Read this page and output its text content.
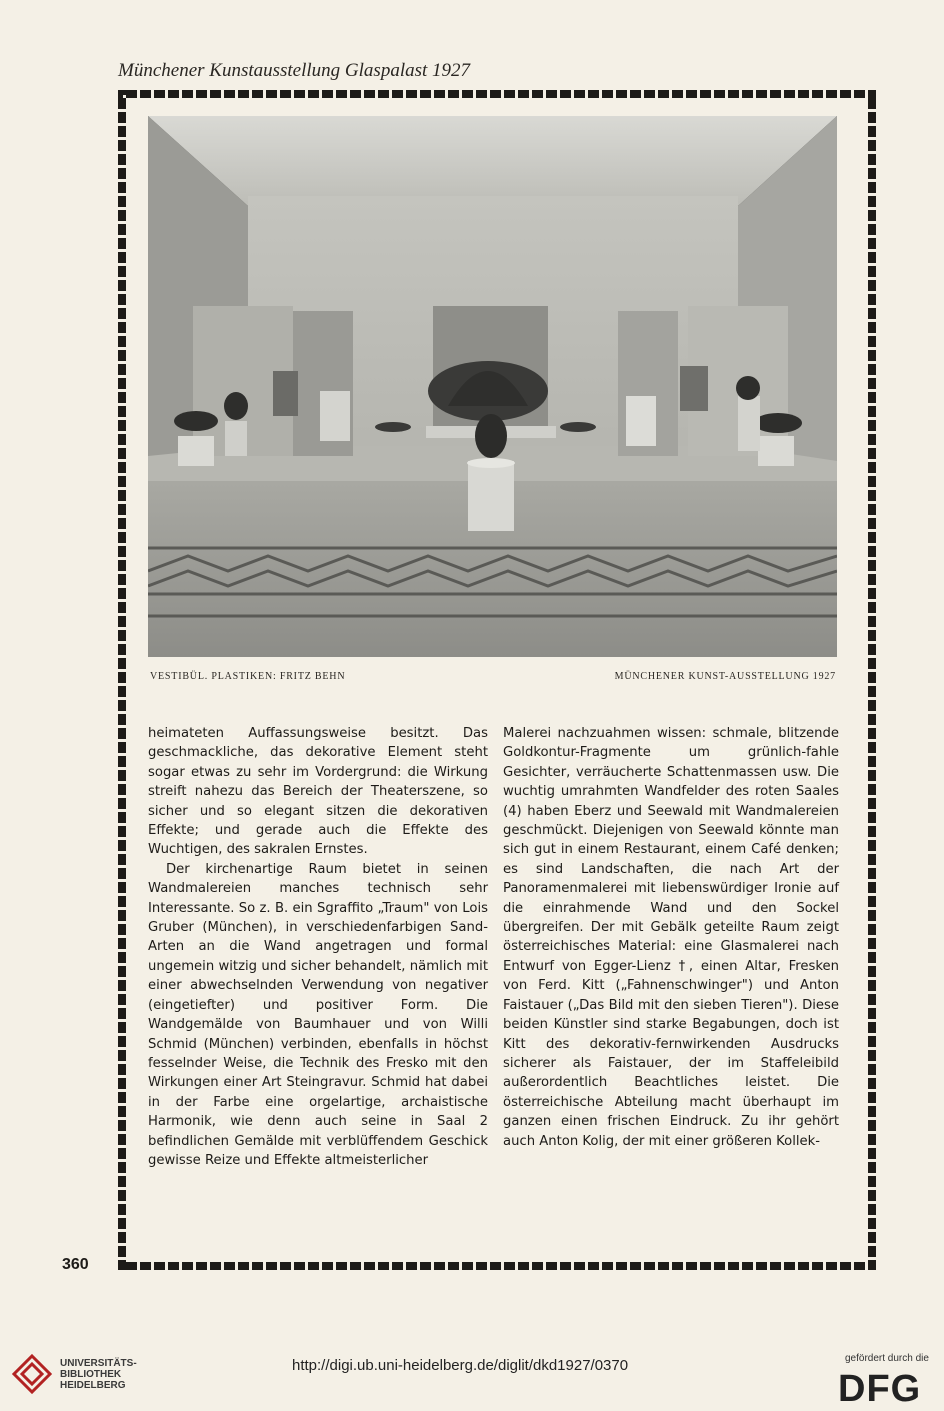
Münchener Kunstausstellung Glaspalast 1927
VESTIBÜL. PLASTIKEN: FRITZ BEHN	MÜNCHENER KUNST-AUSSTELLUNG 1927

heimateten Auffassungsweise besitzt. Das geschmackliche, das dekorative Element steht sogar etwas zu sehr im Vordergrund: die Wirkung streift nahezu das Bereich der Theaterszene, so sicher und so elegant sitzen die dekorativen Effekte; und gerade auch die Effekte des Wuchtigen, des sakralen Ernstes.

Der kirchenartige Raum bietet in seinen Wandmalereien manches technisch sehr Interessante. So z. B. ein Sgraffito „Traum" von Lois Gruber (München), in verschiedenfarbigen Sand-Arten an die Wand angetragen und formal ungemein witzig und sicher behandelt, nämlich mit einer abwechselnden Verwendung von negativer (eingetiefter) und positiver Form. Die Wandgemälde von Baumhauer und von Willi Schmid (München) verbinden, ebenfalls in höchst fesselnder Weise, die Technik des Fresko mit den Wirkungen einer Art Steingravur. Schmid hat dabei in der Farbe eine orgelartige, archaistische Harmonik, wie denn auch seine in Saal 2 befindlichen Gemälde mit verblüffendem Geschick gewisse Reize und Effekte altmeisterlicher

Malerei nachzuahmen wissen: schmale, blitzende Goldkontur-Fragmente um grünlich-fahle Gesichter, verräucherte Schattenmassen usw. Die wuchtig umrahmten Wandfelder des roten Saales (4) haben Eberz und Seewald mit Wandmalereien geschmückt. Diejenigen von Seewald könnte man sich gut in einem Restaurant, einem Café denken; es sind Landschaften, die nach Art der Panoramenmalerei mit liebenswürdiger Ironie auf die einrahmende Wand und den Sockel übergreifen. Der mit Gebälk geteilte Raum zeigt österreichisches Material: eine Glasmalerei nach Entwurf von Egger-Lienz †, einen Altar, Fresken von Ferd. Kitt („Fahnenschwinger") und Anton Faistauer („Das Bild mit den sieben Tieren"). Diese beiden Künstler sind starke Begabungen, doch ist Kitt des dekorativ-fernwirkenden Ausdrucks sicherer als Faistauer, der im Staffeleibild außerordentlich Beachtliches leistet. Die österreichische Abteilung macht überhaupt im ganzen einen frischen Eindruck. Zu ihr gehört auch Anton Kolig, der mit einer größeren Kollek-

360
UNIVERSITÄTS-
BIBLIOTHEK
HEIDELBERG
http://digi.ub.uni-heidelberg.de/diglit/dkd1927/0370	gefördert durch die
DFG
